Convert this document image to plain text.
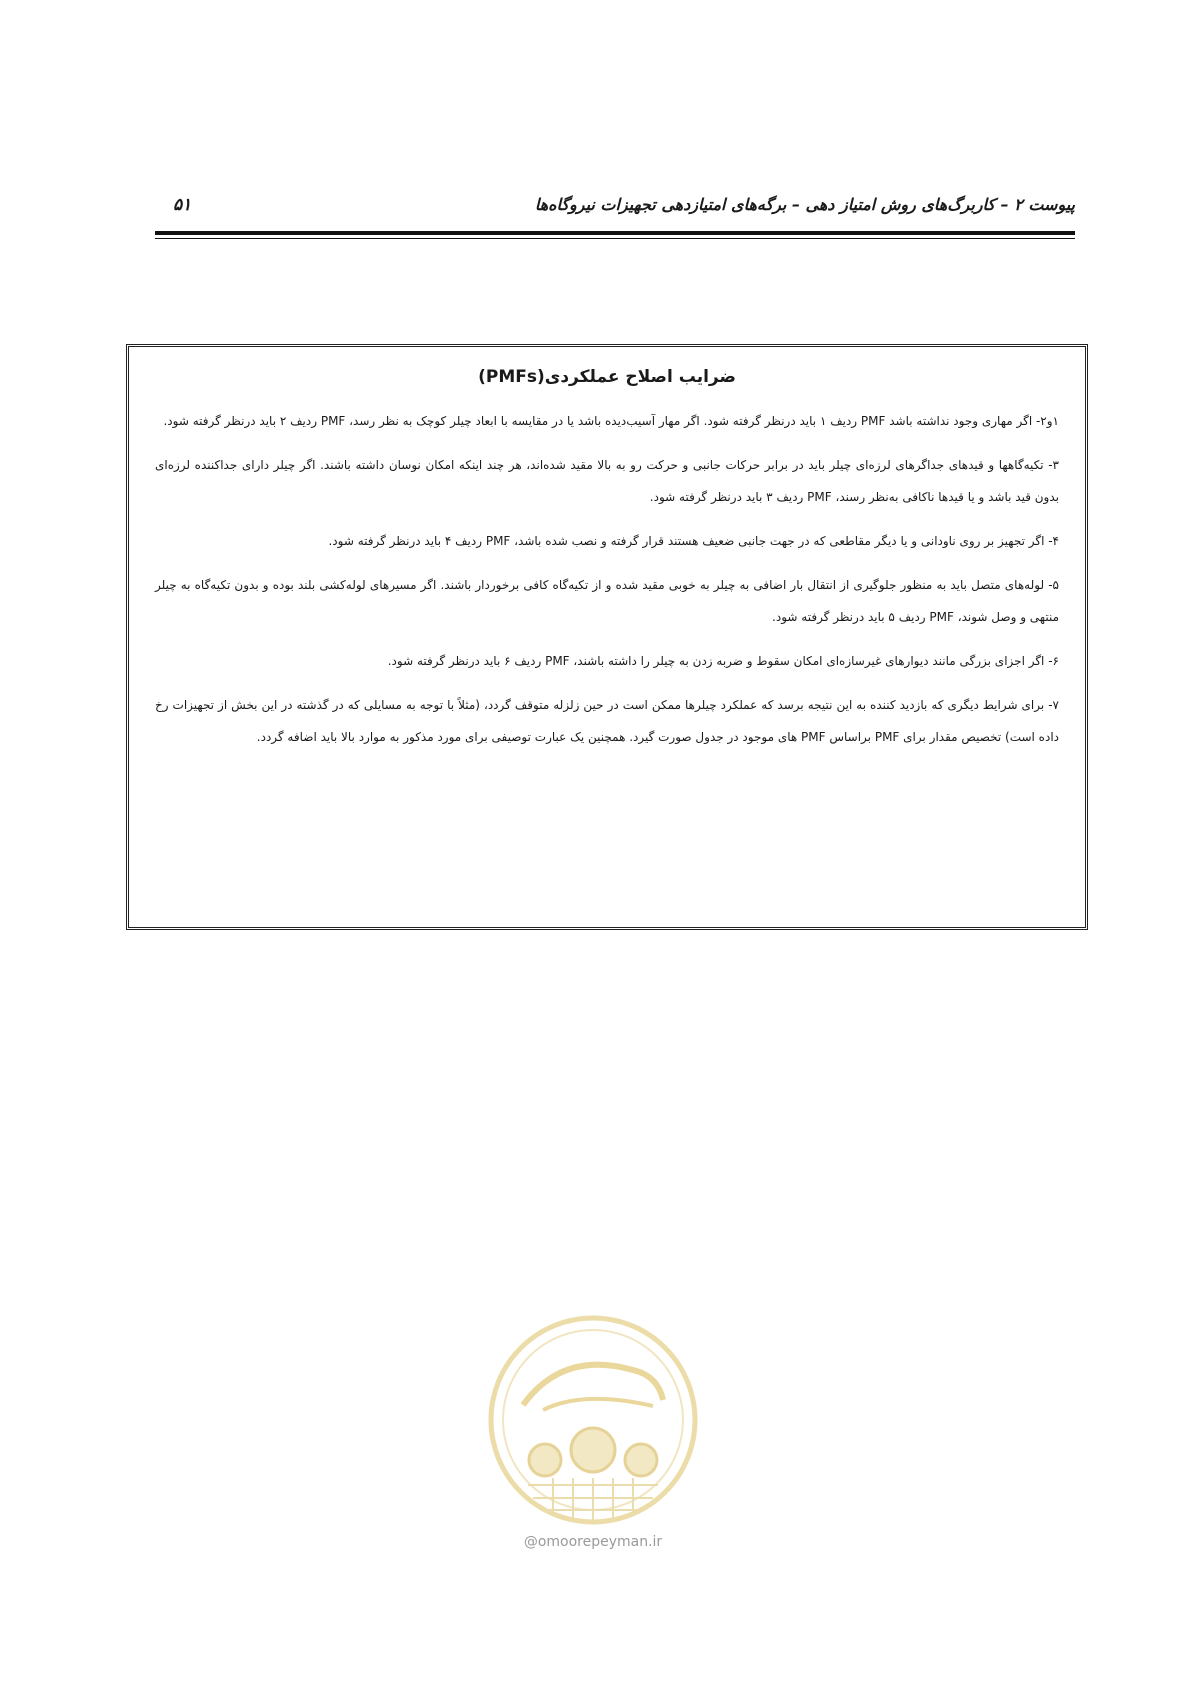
پیوست ۲ – کاربرگ‌های روش امتیاز دهی – برگه‌های امتیازدهی تجهیزات نیروگاه‌ها
۵۱
ضرایب اصلاح عملکردی(PMFs)

۱و۲- اگر مهاری وجود نداشته باشد PMF ردیف ۱ باید درنظر گرفته شود. اگر مهار آسیب‌دیده باشد یا در مقایسه با ابعاد چیلر کوچک به نظر رسد، PMF ردیف ۲ باید درنظر گرفته شود.

۳- تکیه‌گاهها و قیدهای جداگرهای لرزه‌ای چیلر باید در برابر حرکات جانبی و حرکت رو به بالا مقید شده‌اند، هر چند اینکه امکان نوسان داشته باشند. اگر چیلر دارای جداکننده لرزه‌ای بدون قید باشد و یا قیدها ناکافی به‌نظر رسند، PMF ردیف ۳ باید درنظر گرفته شود.

۴- اگر تجهیز بر روی ناودانی و یا دیگر مقاطعی که در جهت جانبی ضعیف هستند قرار گرفته و نصب شده باشد، PMF ردیف ۴ باید درنظر گرفته شود.

۵- لوله‌های متصل باید به منظور جلوگیری از انتقال بار اضافی به چیلر به خوبی مقید شده و از تکیه‌گاه کافی برخوردار باشند. اگر مسیرهای لوله‌کشی بلند بوده و بدون تکیه‌گاه به چیلر منتهی و وصل شوند، PMF ردیف ۵ باید درنظر گرفته شود.

۶- اگر اجزای بزرگی مانند دیوارهای غیرسازه‌ای امکان سقوط و ضربه زدن به چیلر را داشته باشند، PMF ردیف ۶ باید درنظر گرفته شود.

۷- برای شرایط دیگری که بازدید کننده به این نتیجه برسد که عملکرد چیلرها ممکن است در حین زلزله متوقف گردد، (مثلاً با توجه به مسایلی که در گذشته در این بخش از تجهیزات رخ داده است) تخصیص مقدار برای PMF براساس PMF های موجود در جدول صورت گیرد. همچنین یک عبارت توصیفی برای مورد مذکور به موارد بالا باید اضافه گردد.

@omoorepeyman.ir
